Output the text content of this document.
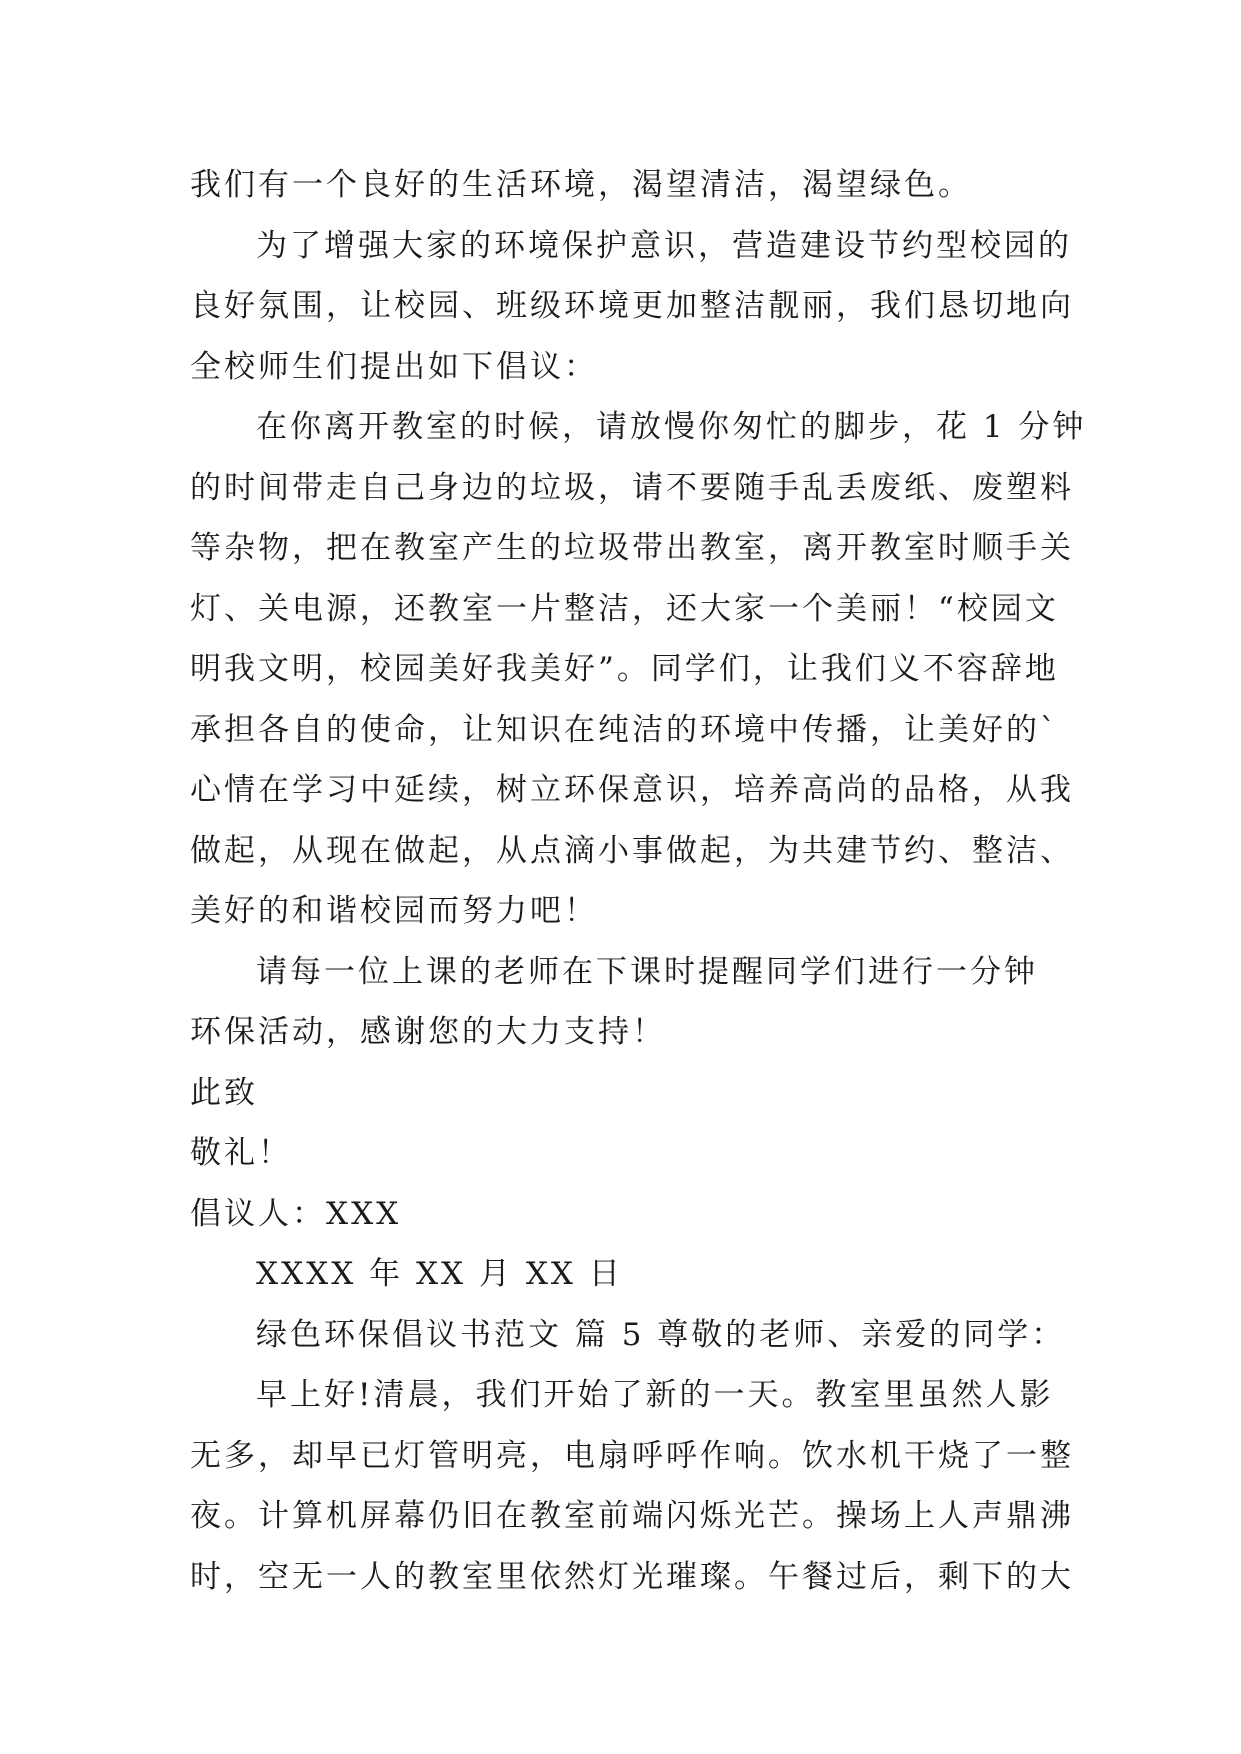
我们有一个良好的生活环境，渴望清洁，渴望绿色。
为了增强大家的环境保护意识，营造建设节约型校园的
良好氛围，让校园、班级环境更加整洁靓丽，我们恳切地向
全校师生们提出如下倡议：
在你离开教室的时候，请放慢你匆忙的脚步，花 1 分钟
的时间带走自己身边的垃圾，请不要随手乱丢废纸、废塑料
等杂物，把在教室产生的垃圾带出教室，离开教室时顺手关
灯、关电源，还教室一片整洁，还大家一个美丽！“校园文
明我文明，校园美好我美好”。同学们，让我们义不容辞地
承担各自的使命，让知识在纯洁的环境中传播，让美好的`
心情在学习中延续，树立环保意识，培养高尚的品格，从我
做起，从现在做起，从点滴小事做起，为共建节约、整洁、
美好的和谐校园而努力吧！
请每一位上课的老师在下课时提醒同学们进行一分钟
环保活动，感谢您的大力支持！
此致
敬礼！
倡议人：XXX
XXXX 年 XX 月 XX 日
绿色环保倡议书范文 篇 5 尊敬的老师、亲爱的同学：
早上好!清晨，我们开始了新的一天。教室里虽然人影
无多，却早已灯管明亮，电扇呼呼作响。饮水机干烧了一整
夜。计算机屏幕仍旧在教室前端闪烁光芒。操场上人声鼎沸
时，空无一人的教室里依然灯光璀璨。午餐过后，剩下的大
